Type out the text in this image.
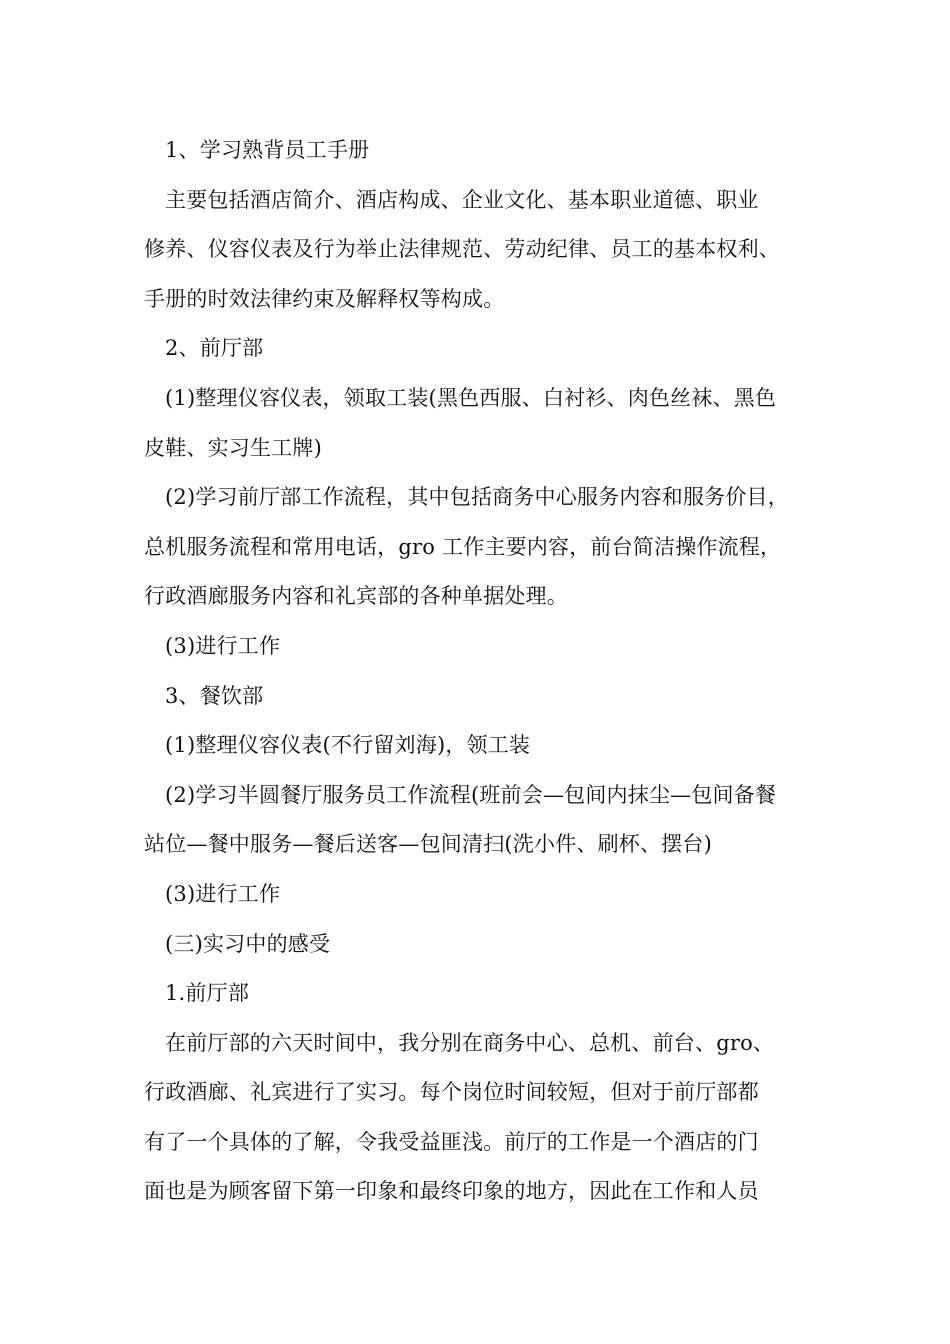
1、学习熟背员工手册

主要包括酒店简介、酒店构成、企业文化、基本职业道德、职业
修养、仪容仪表及行为举止法律规范、劳动纪律、员工的基本权利、
手册的时效法律约束及解释权等构成。

2、前厅部

(1)整理仪容仪表，领取工装(黑色西服、白衬衫、肉色丝袜、黑色
皮鞋、实习生工牌)

(2)学习前厅部工作流程，其中包括商务中心服务内容和服务价目，
总机服务流程和常用电话，gro 工作主要内容，前台简洁操作流程，
行政酒廊服务内容和礼宾部的各种单据处理。

(3)进行工作

3、餐饮部

(1)整理仪容仪表(不行留刘海)，领工装

(2)学习半圆餐厅服务员工作流程(班前会—包间内抹尘—包间备餐
站位—餐中服务—餐后送客—包间清扫(洗小件、刷杯、摆台)

(3)进行工作

(三)实习中的感受

1.前厅部

在前厅部的六天时间中，我分别在商务中心、总机、前台、gro、
行政酒廊、礼宾进行了实习。每个岗位时间较短，但对于前厅部都
有了一个具体的了解，令我受益匪浅。前厅的工作是一个酒店的门
面也是为顾客留下第一印象和最终印象的地方，因此在工作和人员
